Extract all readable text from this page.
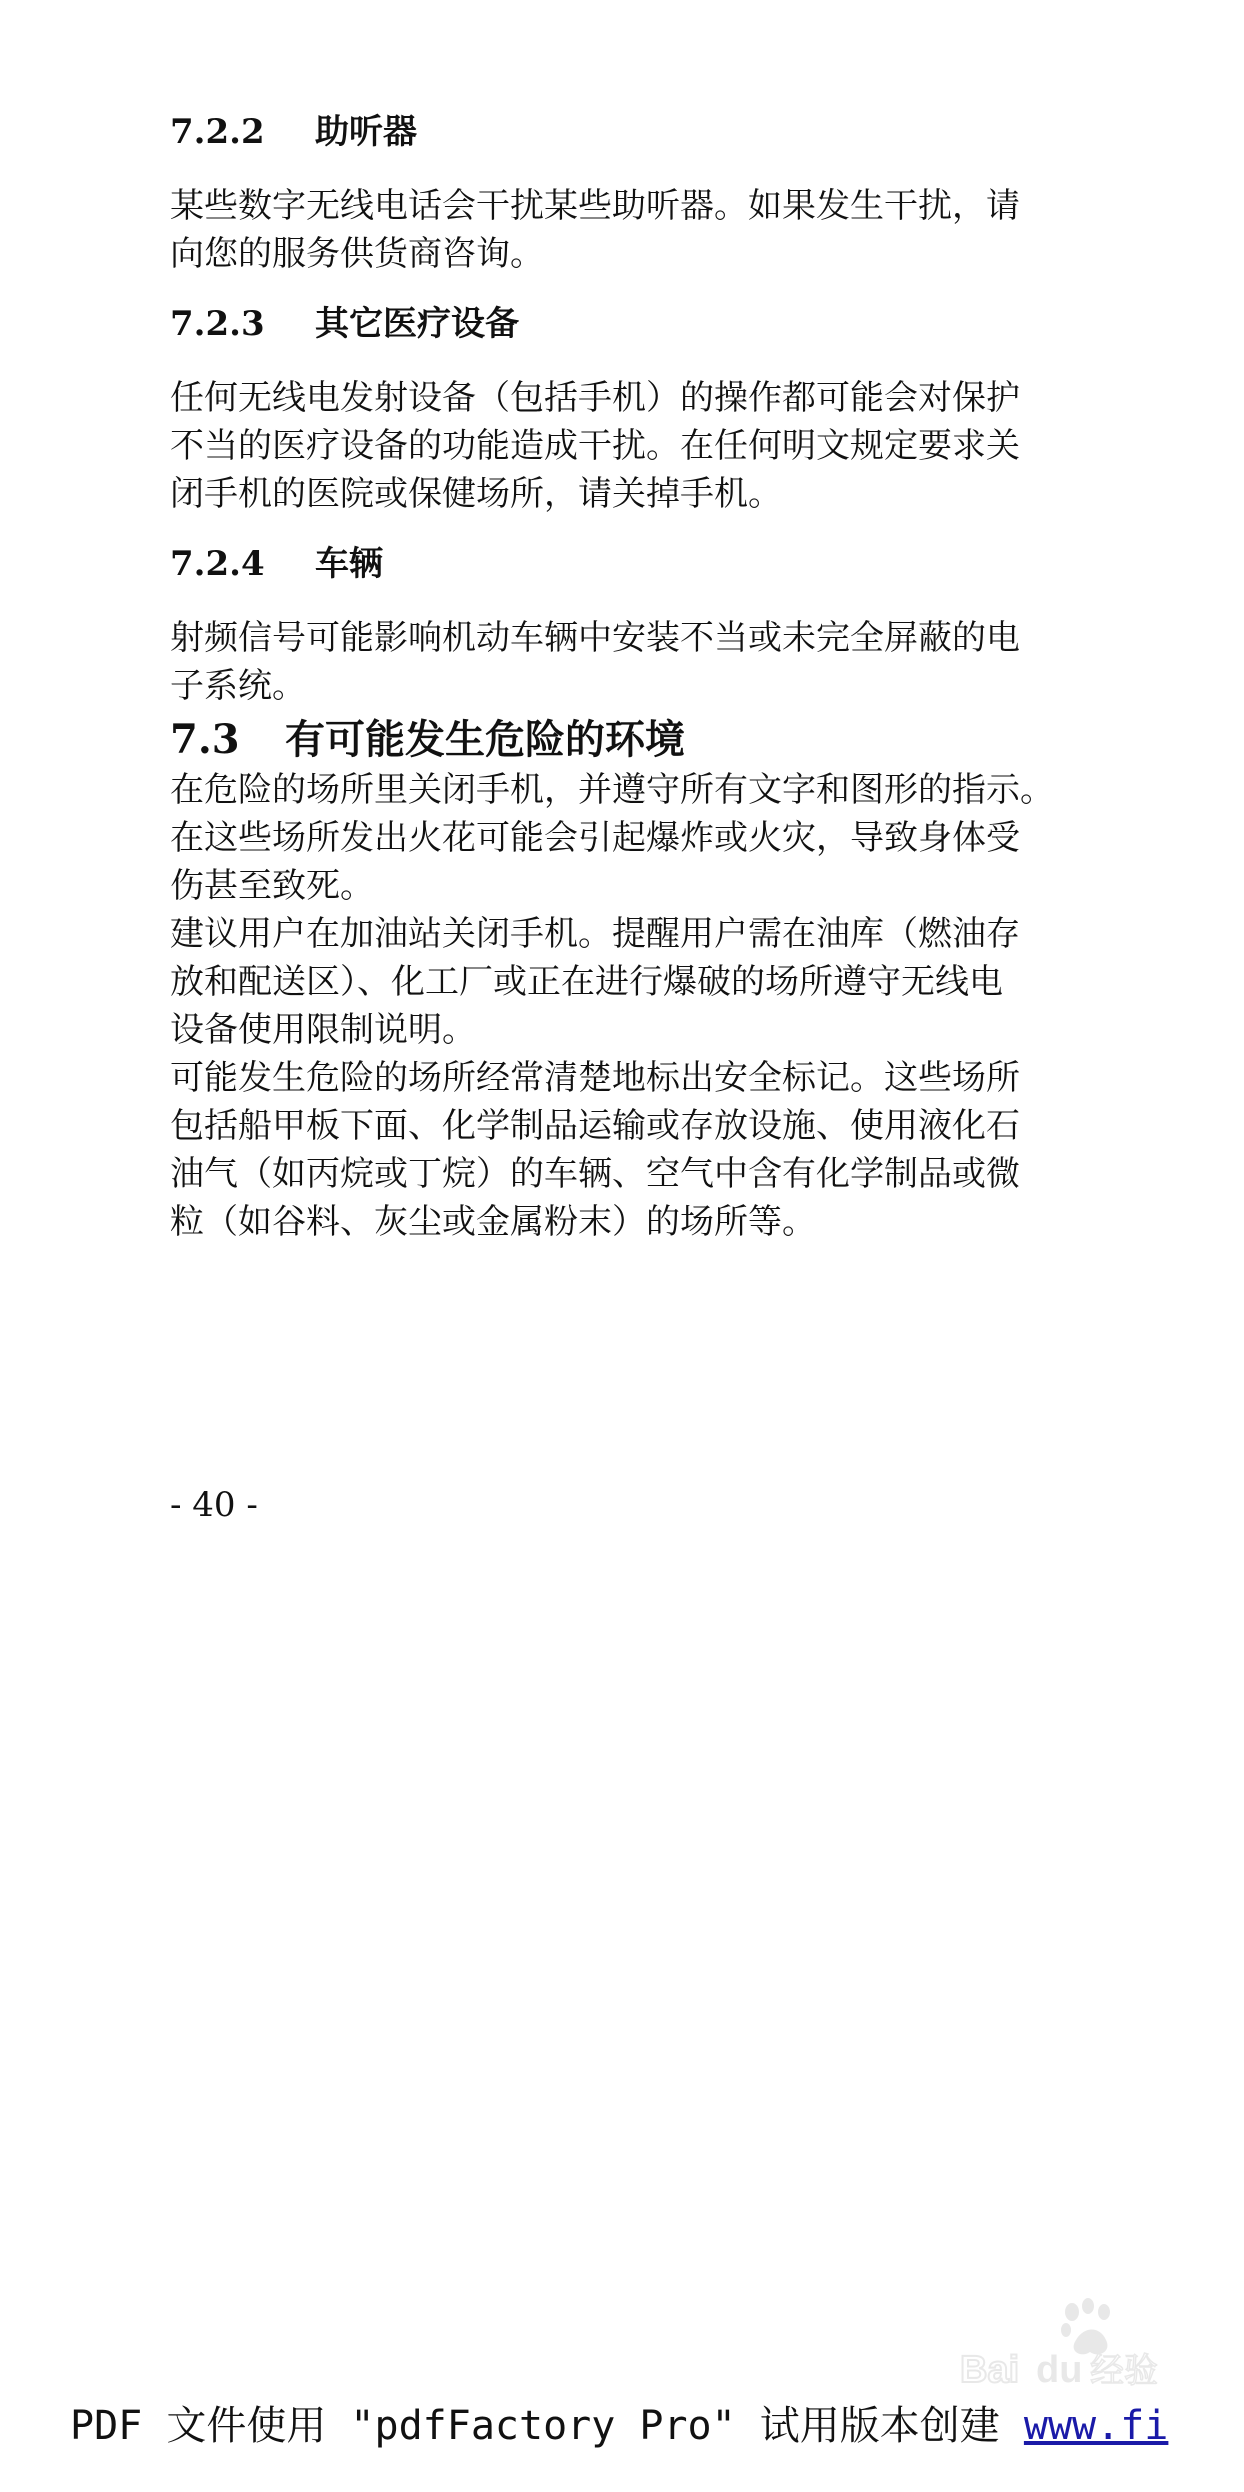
7.2.2	助听器

某些数字无线电话会干扰某些助听器。如果发生干扰，请

向您的服务供货商咨询。

7.2.3	其它医疗设备

任何无线电发射设备（包括手机）的操作都可能会对保护

不当的医疗设备的功能造成干扰。在任何明文规定要求关

闭手机的医院或保健场所，请关掉手机。

7.2.4	车辆

射频信号可能影响机动车辆中安装不当或未完全屏蔽的电

子系统。

7.3	有可能发生危险的环境

在危险的场所里关闭手机，并遵守所有文字和图形的指示。

在这些场所发出火花可能会引起爆炸或火灾，导致身体受

伤甚至致死。

建议用户在加油站关闭手机。提醒用户需在油库（燃油存

放和配送区）、化工厂或正在进行爆破的场所遵守无线电

设备使用限制说明。

可能发生危险的场所经常清楚地标出安全标记。这些场所

包括船甲板下面、化学制品运输或存放设施、使用液化石

油气（如丙烷或丁烷）的车辆、空气中含有化学制品或微

粒（如谷料、灰尘或金属粉末）的场所等。

- 40 -
Bai du 经验
PDF 文件使用 "pdfFactory Pro" 试用版本创建 www.fi
